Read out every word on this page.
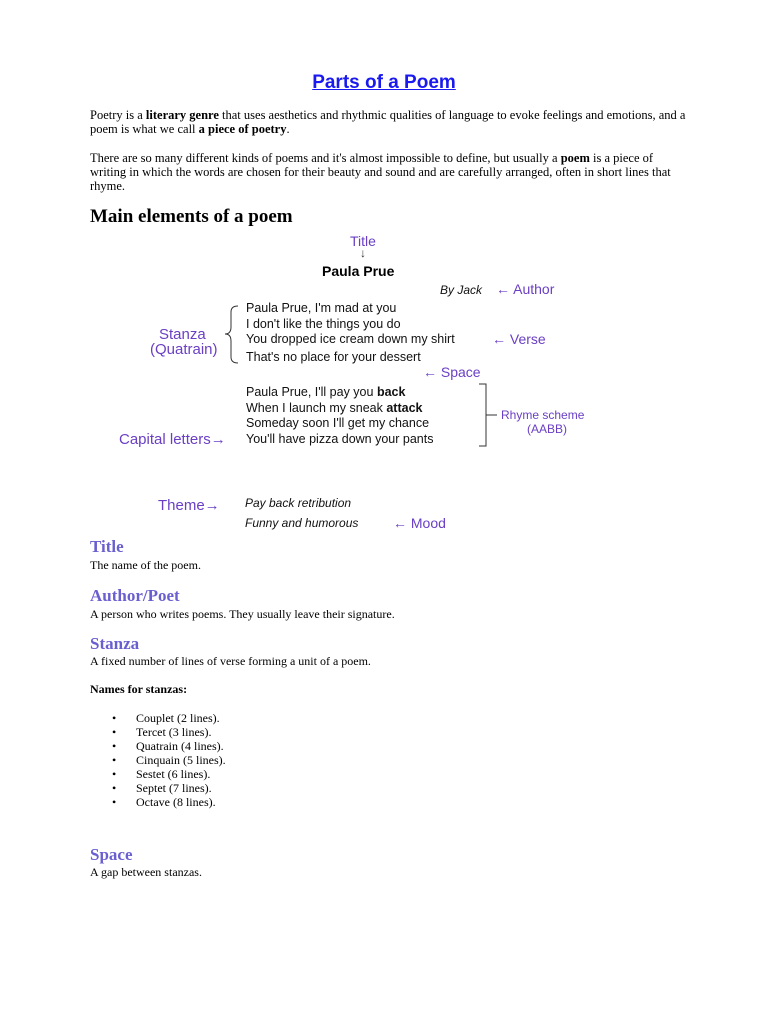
Parts of a Poem
Poetry is a literary genre that uses aesthetics and rhythmic qualities of language to evoke feelings and emotions, and a poem is what we call a piece of poetry.
There are so many different kinds of poems and it's almost impossible to define, but usually a poem is a piece of writing in which the words are chosen for their beauty and sound and are carefully arranged, often in short lines that rhyme.
Main elements of a poem
Title
↓
Paula Prue
By Jack ← Author
Paula Prue, I'm mad at you
I don't like the things you do
You dropped ice cream down my shirt
That's no place for your dessert
← Verse
Stanza
(Quatrain)
← Space
Paula Prue, I'll pay you back
When I launch my sneak attack
Someday soon I'll get my chance
You'll have pizza down your pants
Rhyme scheme
(AABB)
Capital letters→
Theme→ Pay back retribution
Funny and humorous ← Mood
Title
The name of the poem.
Author/Poet
A person who writes poems. They usually leave their signature.
Stanza
A fixed number of lines of verse forming a unit of a poem.
Names for stanzas:
• Couplet (2 lines).
• Tercet (3 lines).
• Quatrain (4 lines).
• Cinquain (5 lines).
• Sestet (6 lines).
• Septet (7 lines).
• Octave (8 lines).
Space
A gap between stanzas.
